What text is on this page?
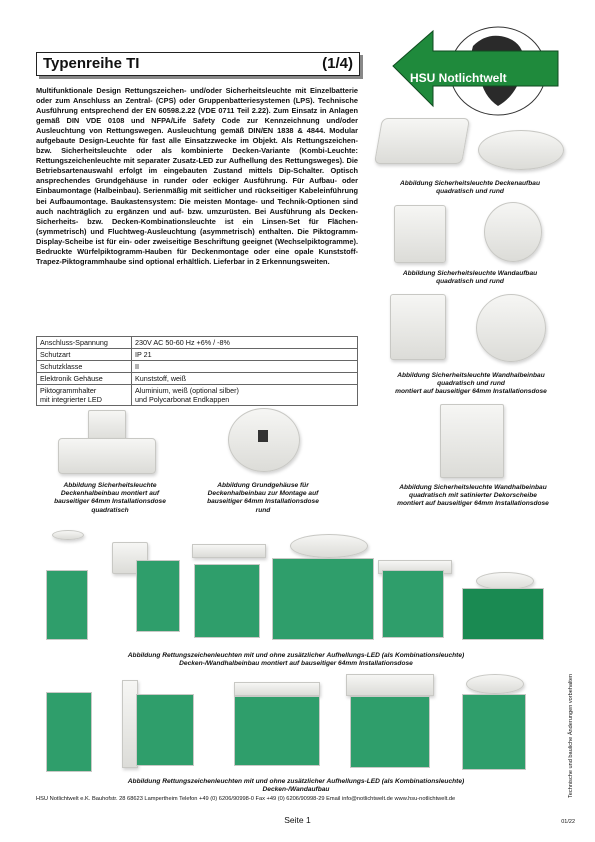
Typenreihe TI	(1/4)
HSU Notlichtwelt
Multifunktionale Design Rettungszeichen- und/oder Sicherheitsleuchte mit Einzelbatterie oder zum Anschluss an Zentral- (CPS) oder Gruppenbatteriesystemen (LPS). Technische Ausführung entsprechend der EN 60598.2.22 (VDE 0711 Teil 2.22). Zum Einsatz in Anlagen gemäß DIN VDE 0108 und NFPA/Life Safety Code zur Kennzeichnung und/oder Ausleuchtung von Rettungswegen. Ausleuchtung gemäß DIN/EN 1838 & 4844. Modular aufgebaute Design-Leuchte für fast alle Einsatzzwecke im Objekt. Als Rettungszeichen- bzw. Sicherheitsleuchte oder als kombinierte Decken-Variante (Kombi-Leuchte: Rettungszeichenleuchte mit separater Zusatz-LED zur Aufhellung des Rettungsweges). Die Betriebsartenauswahl erfolgt im eingebauten Zustand mittels Dip-Schalter. Optisch ansprechendes Grundgehäuse in runder oder eckiger Ausführung. Für Aufbau- oder Einbaumontage (Halbeinbau). Serienmäßig mit seitlicher und rückseitiger Kabeleinführung bei Aufbaumontage. Baukastensystem: Die meisten Montage- und Technik-Optionen sind auch nachträglich zu ergänzen und auf- bzw. umzurüsten. Bei Ausführung als Decken-Sicherheits- bzw. Decken-Kombinationsleuchte ist ein Linsen-Set für Flächen- (symmetrisch) und Fluchtweg-Ausleuchtung (asymmetrisch) enthalten. Die Piktogramm-Display-Scheibe ist für ein- oder zweiseitige Beschriftung geeignet (Wechselpiktogramme). Bedruckte Würfelpiktogramm-Hauben für Deckenmontage oder eine opale Kunststoff-Trapez-Piktogrammhaube sind optional erhältlich. Lieferbar in 2 Erkennungsweiten.
Anschluss-Spannung	230V AC 50-60 Hz +6% / -8%
Schutzart	IP 21
Schutzklasse	II
Elektronik Gehäuse	Kunststoff, weiß
Piktogrammhalter
mit integrierter LED	Aluminium, weiß (optional silber)
und Polycarbonat Endkappen
Abbildung Sicherheitsleuchte Deckenaufbau
quadratisch und rund
Abbildung Sicherheitsleuchte Wandaufbau
quadratisch und rund
Abbildung Sicherheitsleuchte Wandhalbeinbau
quadratisch und rund
montiert auf bauseitiger 64mm Installationsdose
Abbildung Sicherheitsleuchte
Deckenhalbeinbau montiert auf
bauseitiger 64mm Installationsdose
quadratisch
Abbildung Grundgehäuse für
Deckenhalbeinbau zur Montage auf
bauseitiger 64mm Installationsdose
rund
Abbildung Sicherheitsleuchte Wandhalbeinbau
quadratisch mit satinierter Dekorscheibe
montiert auf bauseitiger 64mm Installationsdose
Abbildung Rettungszeichenleuchten mit und ohne zusätzlicher Aufhellungs-LED (als Kombinationsleuchte)
Decken-/Wandhalbeinbau montiert auf bauseitiger 64mm Installationsdose
Abbildung Rettungszeichenleuchten mit und ohne zusätzlicher Aufhellungs-LED (als Kombinationsleuchte)
Decken-/Wandaufbau
HSU Notlichtwelt e.K. Bauhofstr. 28 68623 Lampertheim Telefon +49 (0) 6206/90998-0 Fax +49 (0) 6206/90998-29 Email info@notlichtwelt.de www.hsu-notlichtwelt.de
Seite 1	01/22
Technische und bauliche Änderungen vorbehalten
